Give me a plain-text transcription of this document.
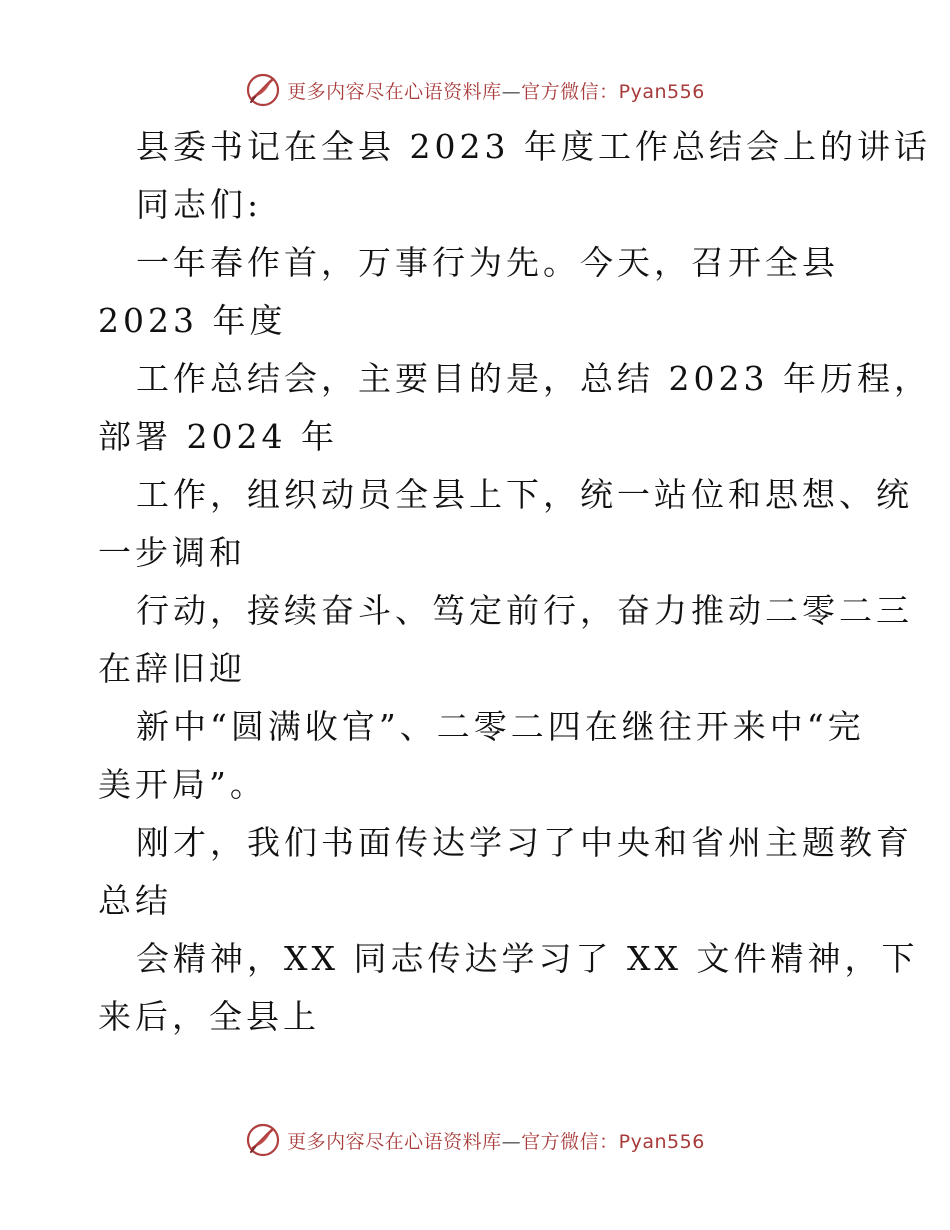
更多内容尽在心语资料库—官方微信：Pyan556
县委书记在全县 2023 年度工作总结会上的讲话
同志们:
一年春作首，万事行为先。今天，召开全县
2023 年度
工作总结会，主要目的是，总结 2023 年历程，
部署 2024 年
工作，组织动员全县上下，统一站位和思想、统
一步调和
行动，接续奋斗、笃定前行，奋力推动二零二三
在辞旧迎
新中“圆满收官”、二零二四在继往开来中“完
美开局”。
刚才，我们书面传达学习了中央和省州主题教育
总结
会精神，XX 同志传达学习了 XX 文件精神，下
来后，全县上
更多内容尽在心语资料库—官方微信：Pyan556
